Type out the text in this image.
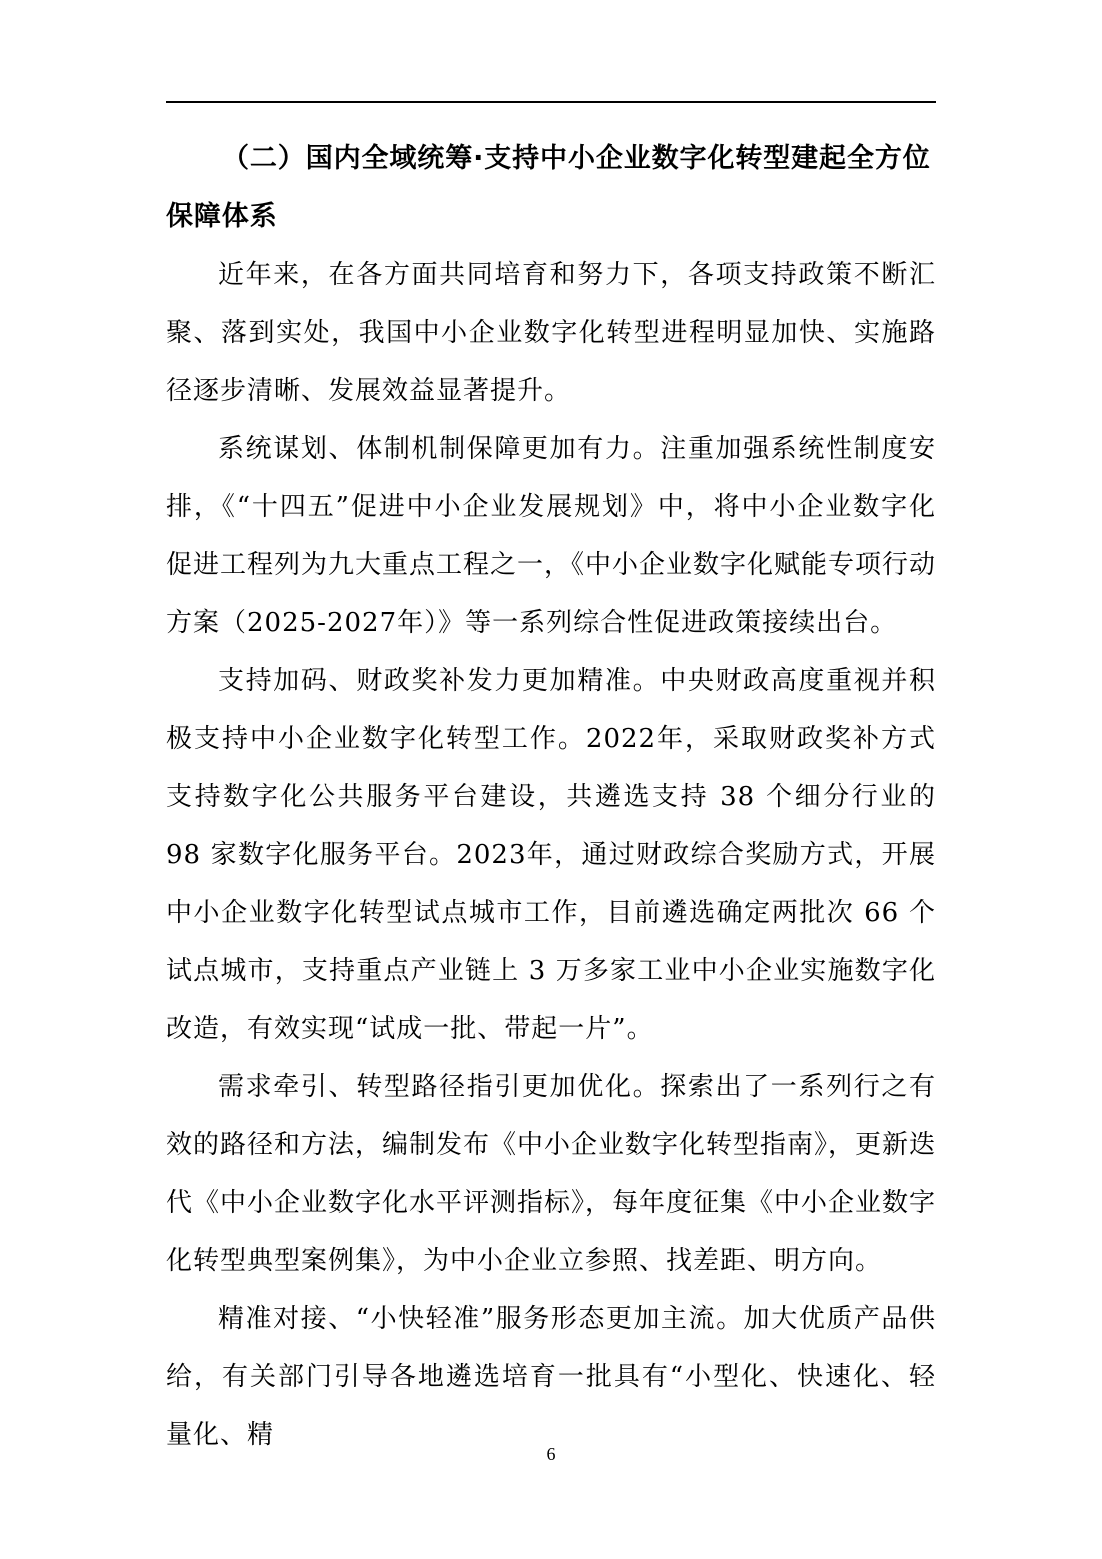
（二）国内全域统筹·支持中小企业数字化转型建起全方位保障体系

近年来，在各方面共同培育和努力下，各项支持政策不断汇聚、落到实处，我国中小企业数字化转型进程明显加快、实施路径逐步清晰、发展效益显著提升。

系统谋划、体制机制保障更加有力。注重加强系统性制度安排，《“十四五”促进中小企业发展规划》中，将中小企业数字化促进工程列为九大重点工程之一，《中小企业数字化赋能专项行动方案（2025-2027年）》等一系列综合性促进政策接续出台。

支持加码、财政奖补发力更加精准。中央财政高度重视并积极支持中小企业数字化转型工作。2022年，采取财政奖补方式支持数字化公共服务平台建设，共遴选支持 38 个细分行业的 98 家数字化服务平台。2023年，通过财政综合奖励方式，开展中小企业数字化转型试点城市工作，目前遴选确定两批次 66 个试点城市，支持重点产业链上 3 万多家工业中小企业实施数字化改造，有效实现“试成一批、带起一片”。

需求牵引、转型路径指引更加优化。探索出了一系列行之有效的路径和方法，编制发布《中小企业数字化转型指南》，更新迭代《中小企业数字化水平评测指标》，每年度征集《中小企业数字化转型典型案例集》，为中小企业立参照、找差距、明方向。

精准对接、“小快轻准”服务形态更加主流。加大优质产品供给，有关部门引导各地遴选培育一批具有“小型化、快速化、轻量化、精

6
